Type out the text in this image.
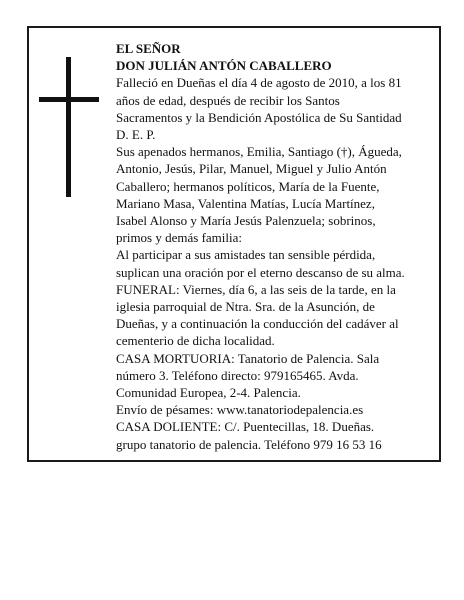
EL SEÑOR
DON JULIÁN ANTÓN CABALLERO
Falleció en Dueñas el día 4 de agosto de 2010, a los 81
años de edad, después de recibir los Santos
Sacramentos y la Bendición Apostólica de Su Santidad
D. E. P.
Sus apenados hermanos, Emilia, Santiago (†), Águeda,
Antonio, Jesús, Pilar, Manuel, Miguel y Julio Antón
Caballero; hermanos políticos, María de la Fuente,
Mariano Masa, Valentina Matías, Lucía Martínez,
Isabel Alonso y María Jesús Palenzuela; sobrinos,
primos y demás familia:
Al participar a sus amistades tan sensible pérdida,
suplican una oración por el eterno descanso de su alma.
FUNERAL: Viernes, día 6, a las seis de la tarde, en la
iglesia parroquial de Ntra. Sra. de la Asunción, de
Dueñas, y a continuación la conducción del cadáver al
cementerio de dicha localidad.
CASA MORTUORIA: Tanatorio de Palencia. Sala
número 3. Teléfono directo: 979165465. Avda.
Comunidad Europea, 2-4. Palencia.
Envío de pésames: www.tanatoriodepalencia.es
CASA DOLIENTE: C/. Puentecillas, 18. Dueñas.
grupo tanatorio de palencia. Teléfono 979 16 53 16
